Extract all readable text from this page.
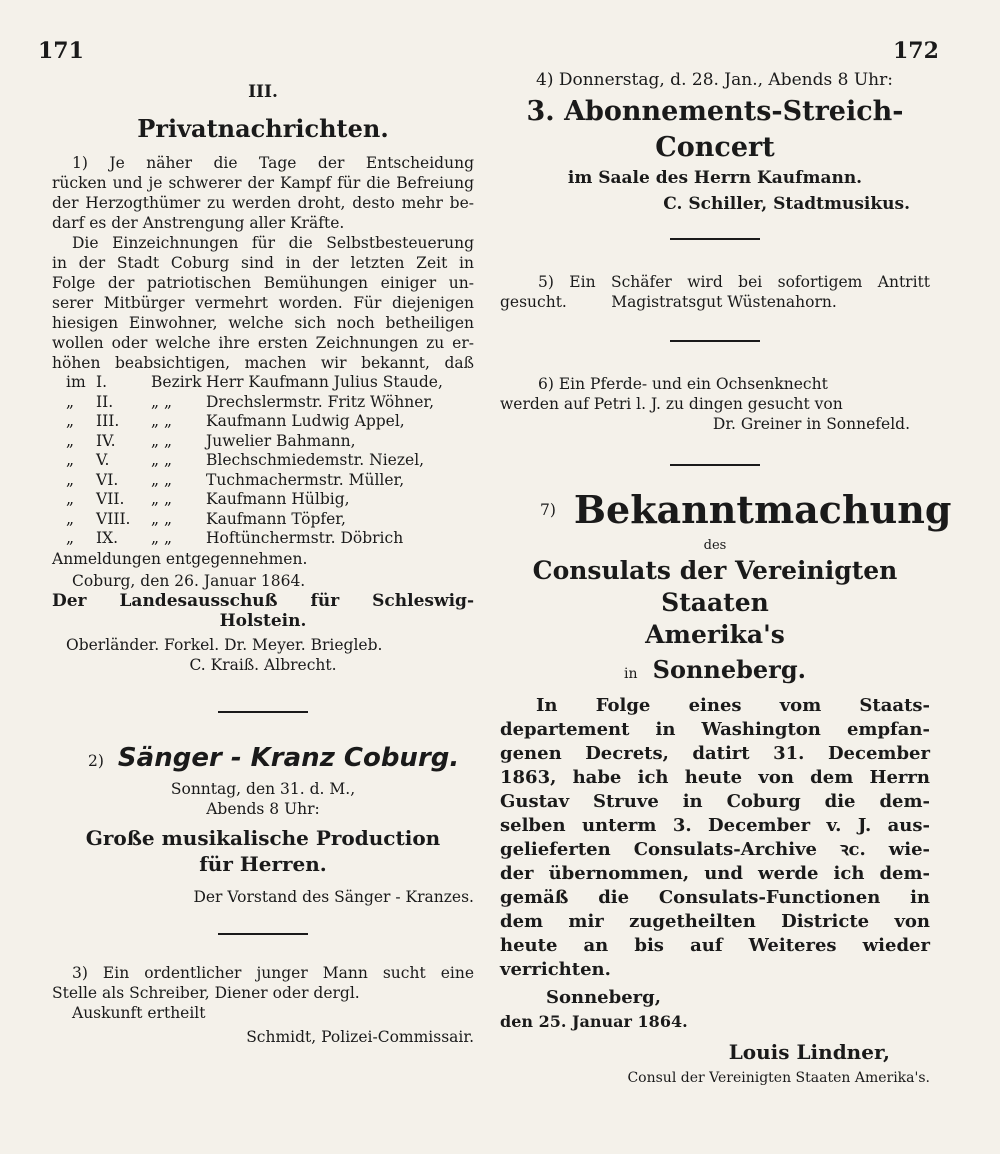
171	172
III.
Privatnachrichten.

1) Je näher die Tage der Entscheidung

rücken und je schwerer der Kampf für die Befreiung

der Herzogthümer zu werden droht, desto mehr be-

darf es der Anstrengung aller Kräfte.

Die Einzeichnungen für die Selbstbesteuerung

in der Stadt Coburg sind in der letzten Zeit in

Folge der patriotischen Bemühungen einiger un-

serer Mitbürger vermehrt worden. Für diejenigen

hiesigen Einwohner, welche sich noch betheiligen

wollen oder welche ihre ersten Zeichnungen zu er-

höhen beabsichtigen, machen wir bekannt, daß

im I.	Bezirk Herr Kaufmann Julius Staude,
„	II.	„ „	Drechslermstr. Fritz Wöhner,
„	III.	„ „	Kaufmann Ludwig Appel,
„	IV.	„ „	Juwelier Bahmann,
„	V.	„ „	Blechschmiedemstr. Niezel,
„	VI.	„ „	Tuchmachermstr. Müller,
„	VII.	„ „	Kaufmann Hülbig,
„	VIII.	„ „	Kaufmann Töpfer,
„	IX.	„ „	Hoftünchermstr. Döbrich

Anmeldungen entgegennehmen.

Coburg, den 26. Januar 1864.

Der Landesausschuß für Schleswig-

Holstein.

Oberländer. Forkel. Dr. Meyer. Briegleb.

C. Kraiß. Albrecht.

2) Sänger - Kranz Coburg.

Sonntag, den 31. d. M.,

Abends 8 Uhr:

Große musikalische Production

für Herren.

Der Vorstand des Sänger - Kranzes.

3) Ein ordentlicher junger Mann sucht eine

Stelle als Schreiber, Diener oder dergl.

Auskunft ertheilt

Schmidt, Polizei-Commissair.

4) Donnerstag, d. 28. Jan., Abends 8 Uhr:

3. Abonnements-Streich-Concert

im Saale des Herrn Kaufmann.

C. Schiller, Stadtmusikus.

5) Ein Schäfer wird bei sofortigem Antritt

gesucht.         Magistratsgut Wüstenahorn.

6) Ein Pferde- und ein Ochsenknecht

werden auf Petri l. J. zu dingen gesucht von

Dr. Greiner in Sonnefeld.

7) Bekanntmachung

des

Consulats der Vereinigten Staaten

Amerika's

in Sonneberg.

In Folge eines vom Staats-

departement in Washington empfan-

genen Decrets, datirt 31. December

1863, habe ich heute von dem Herrn

Gustav Struve in Coburg die dem-

selben unterm 3. December v. J. aus-

gelieferten Consulats-Archive ꝛc. wie-

der übernommen, und werde ich dem-

gemäß die Consulats-Functionen in

dem mir zugetheilten Districte von

heute an bis auf Weiteres wieder

verrichten.

Sonneberg,

den 25. Januar 1864.

Louis Lindner,

Consul der Vereinigten Staaten Amerika's.
